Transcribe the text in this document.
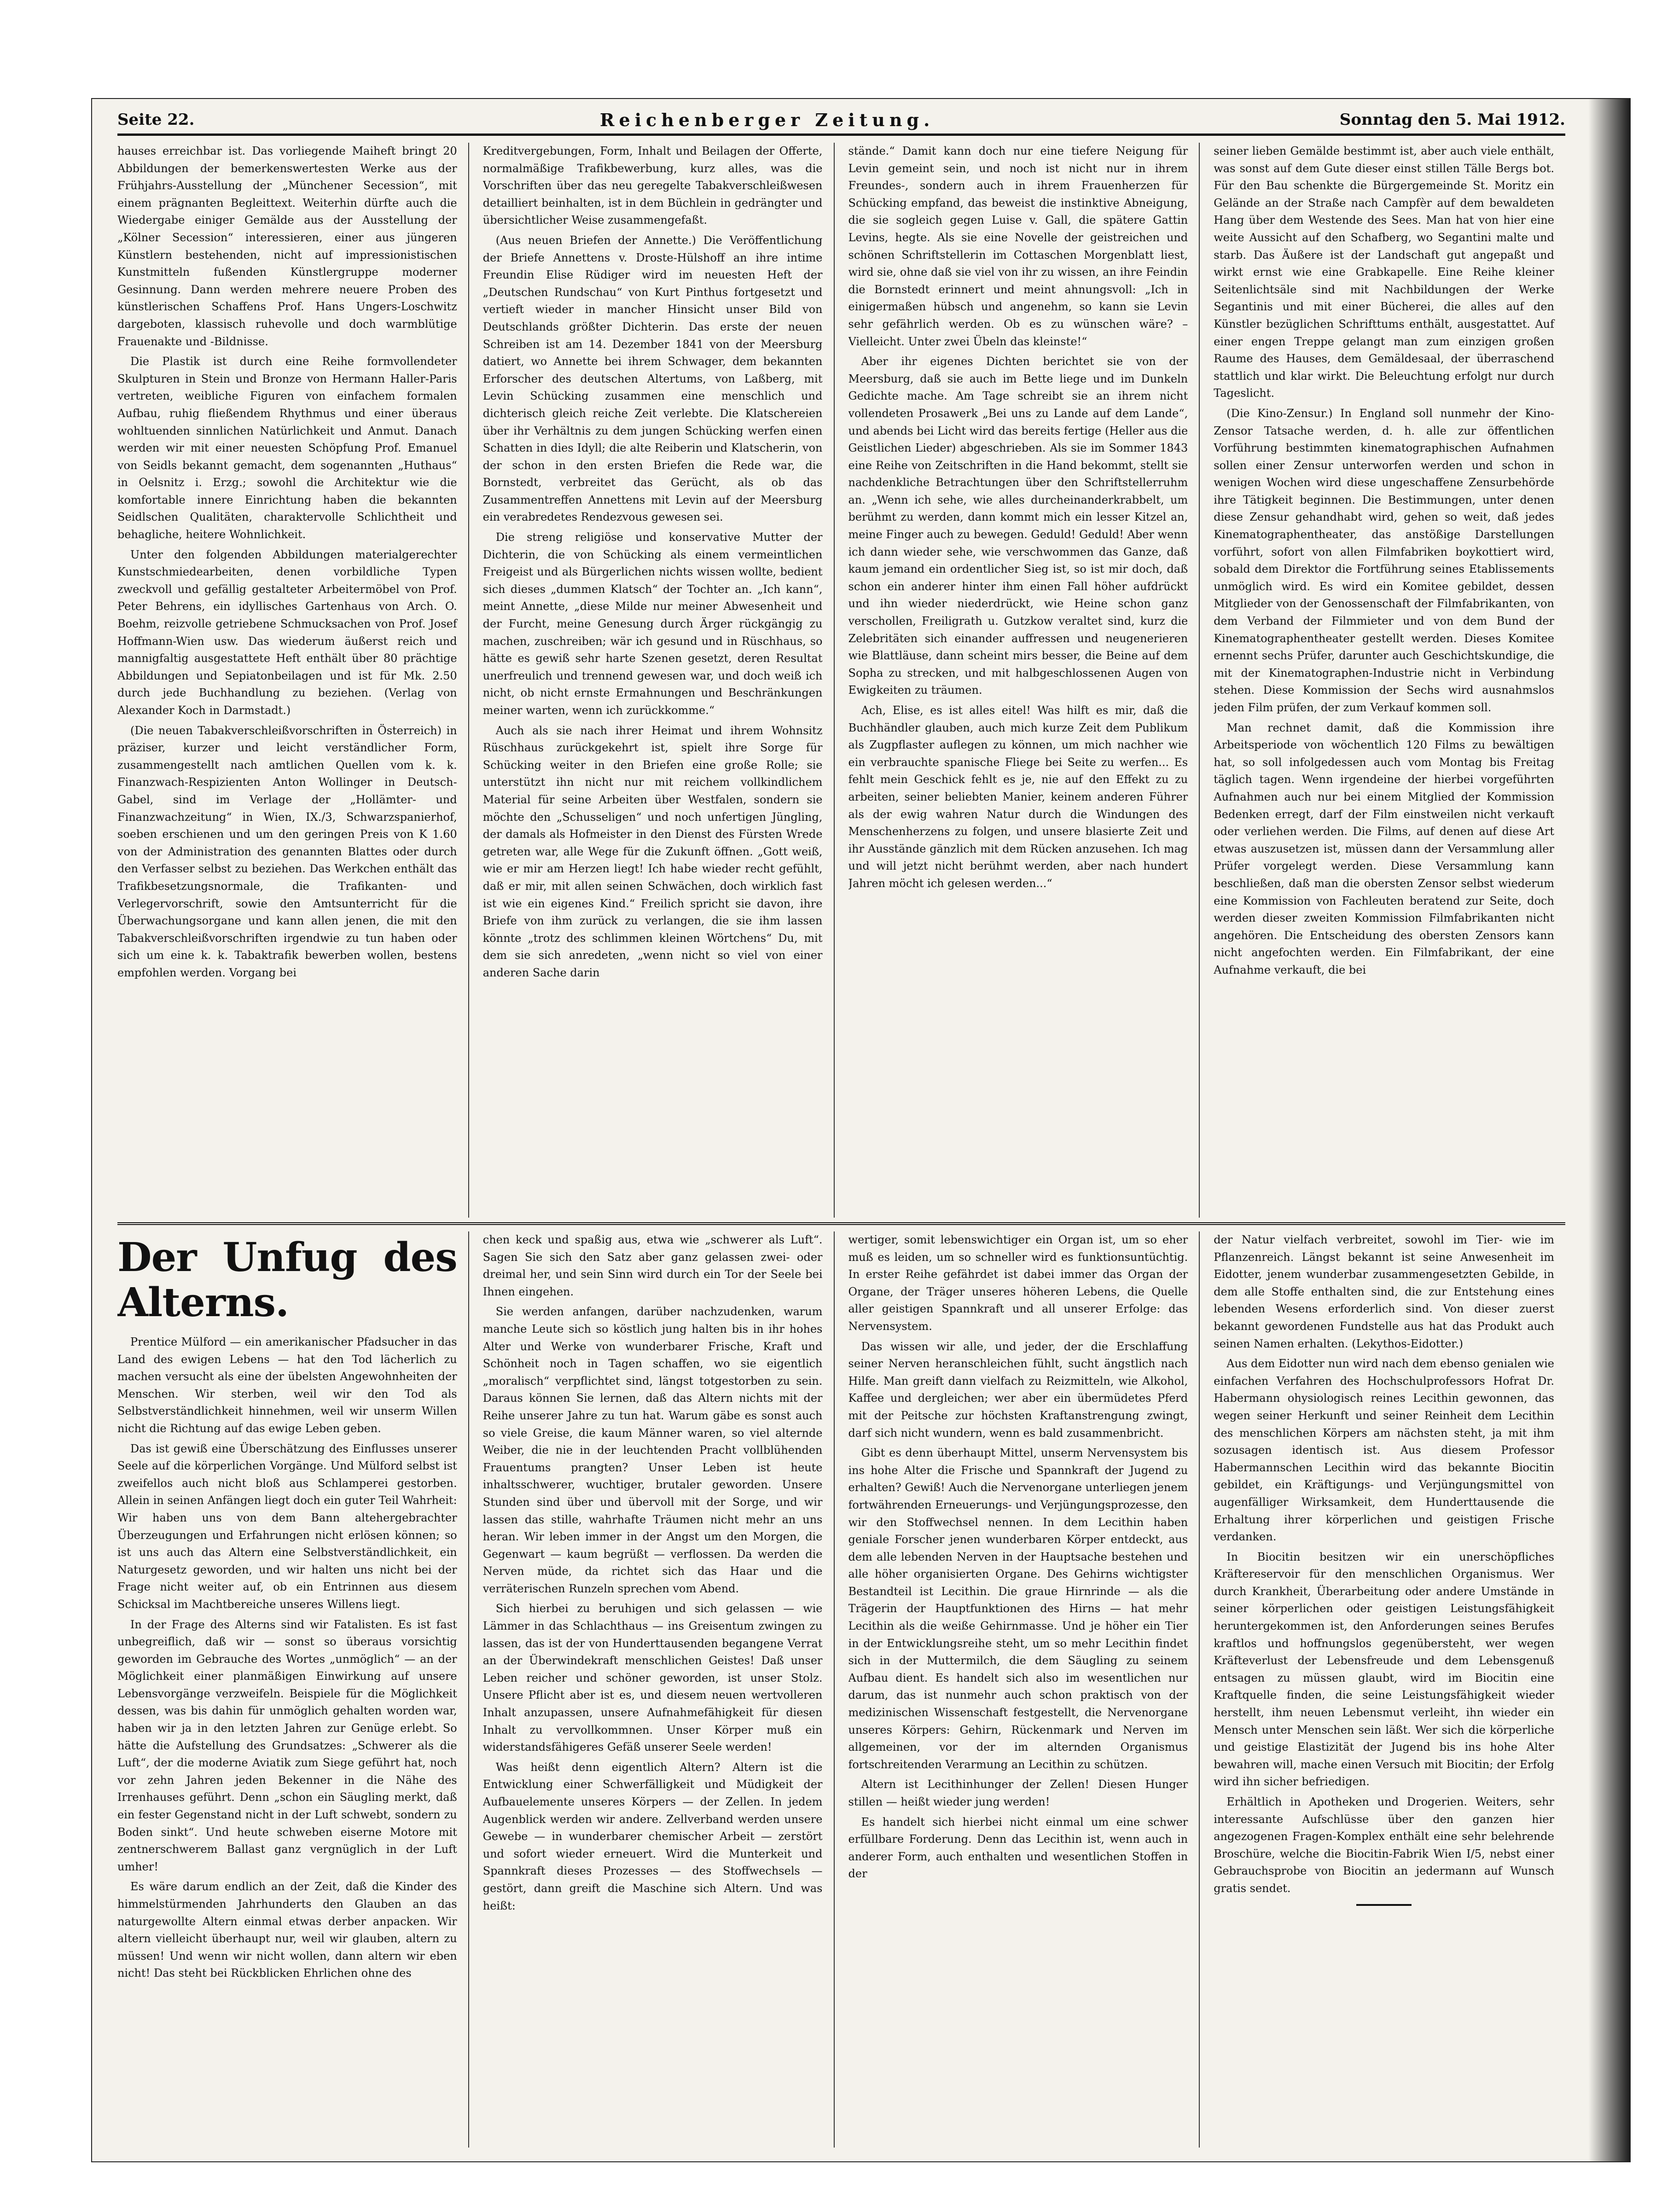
Seite 22.	Reichenberger Zeitung.	Sonntag den 5. Mai 1912.

hauses erreichbar ist. Das vorliegende Maiheft bringt 20 Abbildungen der bemerkenswertesten Werke aus der Frühjahrs-Ausstellung der „Münchener Secession“, mit einem prägnanten Begleittext. Weiterhin dürfte auch die Wiedergabe einiger Gemälde aus der Ausstellung der „Kölner Secession“ interessieren, einer aus jüngeren Künstlern bestehenden, nicht auf impressionistischen Kunstmitteln fußenden Künstlergruppe moderner Gesinnung. Dann werden mehrere neuere Proben des künstlerischen Schaffens Prof. Hans Ungers-Loschwitz dargeboten, klassisch ruhevolle und doch warmblütige Frauenakte und -Bildnisse.

Die Plastik ist durch eine Reihe formvollendeter Skulpturen in Stein und Bronze von Hermann Haller-Paris vertreten, weibliche Figuren von einfachem formalen Aufbau, ruhig fließendem Rhythmus und einer überaus wohltuenden sinnlichen Natürlichkeit und Anmut. Danach werden wir mit einer neuesten Schöpfung Prof. Emanuel von Seidls bekannt gemacht, dem sogenannten „Huthaus“ in Oelsnitz i. Erzg.; sowohl die Architektur wie die komfortable innere Einrichtung haben die bekannten Seidlschen Qualitäten, charaktervolle Schlichtheit und behagliche, heitere Wohnlichkeit.

Unter den folgenden Abbildungen materialgerechter Kunstschmiedearbeiten, denen vorbildliche Typen zweckvoll und gefällig gestalteter Arbeitermöbel von Prof. Peter Behrens, ein idyllisches Gartenhaus von Arch. O. Boehm, reizvolle getriebene Schmucksachen von Prof. Josef Hoffmann-Wien usw. Das wiederum äußerst reich und mannigfaltig ausgestattete Heft enthält über 80 prächtige Abbildungen und Sepiatonbeilagen und ist für Mk. 2.50 durch jede Buchhandlung zu beziehen. (Verlag von Alexander Koch in Darmstadt.)

(Die neuen Tabakverschleißvorschriften in Österreich) in präziser, kurzer und leicht verständlicher Form, zusammengestellt nach amtlichen Quellen vom k. k. Finanzwach-Respizienten Anton Wollinger in Deutsch-Gabel, sind im Verlage der „Hollämter- und Finanzwachzeitung“ in Wien, IX./3, Schwarzspanierhof, soeben erschienen und um den geringen Preis von K 1.60 von der Administration des genannten Blattes oder durch den Verfasser selbst zu beziehen. Das Werkchen enthält das Trafikbesetzungsnormale, die Trafikanten- und Verlegervorschrift, sowie den Amtsunterricht für die Überwachungsorgane und kann allen jenen, die mit den Tabakverschleißvorschriften irgendwie zu tun haben oder sich um eine k. k. Tabaktrafik bewerben wollen, bestens empfohlen werden. Vorgang bei

Kreditvergebungen, Form, Inhalt und Beilagen der Offerte, normalmäßige Trafikbewerbung, kurz alles, was die Vorschriften über das neu geregelte Tabakverschleißwesen detailliert beinhalten, ist in dem Büchlein in gedrängter und übersichtlicher Weise zusammengefaßt.

(Aus neuen Briefen der Annette.) Die Veröffentlichung der Briefe Annettens v. Droste-Hülshoff an ihre intime Freundin Elise Rüdiger wird im neuesten Heft der „Deutschen Rundschau“ von Kurt Pinthus fortgesetzt und vertieft wieder in mancher Hinsicht unser Bild von Deutschlands größter Dichterin. Das erste der neuen Schreiben ist am 14. Dezember 1841 von der Meersburg datiert, wo Annette bei ihrem Schwager, dem bekannten Erforscher des deutschen Altertums, von Laßberg, mit Levin Schücking zusammen eine menschlich und dichterisch gleich reiche Zeit verlebte. Die Klatschereien über ihr Verhältnis zu dem jungen Schücking werfen einen Schatten in dies Idyll; die alte Reiberin und Klatscherin, von der schon in den ersten Briefen die Rede war, die Bornstedt, verbreitet das Gerücht, als ob das Zusammentreffen Annettens mit Levin auf der Meersburg ein verabredetes Rendezvous gewesen sei.

Die streng religiöse und konservative Mutter der Dichterin, die von Schücking als einem vermeintlichen Freigeist und als Bürgerlichen nichts wissen wollte, bedient sich dieses „dummen Klatsch“ der Tochter an. „Ich kann“, meint Annette, „diese Milde nur meiner Abwesenheit und der Furcht, meine Genesung durch Ärger rückgängig zu machen, zuschreiben; wär ich gesund und in Rüschhaus, so hätte es gewiß sehr harte Szenen gesetzt, deren Resultat unerfreulich und trennend gewesen war, und doch weiß ich nicht, ob nicht ernste Ermahnungen und Beschränkungen meiner warten, wenn ich zurückkomme.“

Auch als sie nach ihrer Heimat und ihrem Wohnsitz Rüschhaus zurückgekehrt ist, spielt ihre Sorge für Schücking weiter in den Briefen eine große Rolle; sie unterstützt ihn nicht nur mit reichem vollkindlichem Material für seine Arbeiten über Westfalen, sondern sie möchte den „Schusseligen“ und noch unfertigen Jüngling, der damals als Hofmeister in den Dienst des Fürsten Wrede getreten war, alle Wege für die Zukunft öffnen. „Gott weiß, wie er mir am Herzen liegt! Ich habe wieder recht gefühlt, daß er mir, mit allen seinen Schwächen, doch wirklich fast ist wie ein eigenes Kind.“ Freilich spricht sie davon, ihre Briefe von ihm zurück zu verlangen, die sie ihm lassen könnte „trotz des schlimmen kleinen Wörtchens“ Du, mit dem sie sich anredeten, „wenn nicht so viel von einer anderen Sache darin

stände.“ Damit kann doch nur eine tiefere Neigung für Levin gemeint sein, und noch ist nicht nur in ihrem Freundes-, sondern auch in ihrem Frauenherzen für Schücking empfand, das beweist die instinktive Abneigung, die sie sogleich gegen Luise v. Gall, die spätere Gattin Levins, hegte. Als sie eine Novelle der geistreichen und schönen Schriftstellerin im Cottaschen Morgenblatt liest, wird sie, ohne daß sie viel von ihr zu wissen, an ihre Feindin die Bornstedt erinnert und meint ahnungsvoll: „Ich in einigermaßen hübsch und angenehm, so kann sie Levin sehr gefährlich werden. Ob es zu wünschen wäre? – Vielleicht. Unter zwei Übeln das kleinste!“

Aber ihr eigenes Dichten berichtet sie von der Meersburg, daß sie auch im Bette liege und im Dunkeln Gedichte mache. Am Tage schreibt sie an ihrem nicht vollendeten Prosawerk „Bei uns zu Lande auf dem Lande“, und abends bei Licht wird das bereits fertige (Heller aus die Geistlichen Lieder) abgeschrieben. Als sie im Sommer 1843 eine Reihe von Zeitschriften in die Hand bekommt, stellt sie nachdenkliche Betrachtungen über den Schriftstellerruhm an. „Wenn ich sehe, wie alles durcheinanderkrabbelt, um berühmt zu werden, dann kommt mich ein lesser Kitzel an, meine Finger auch zu bewegen. Geduld! Geduld! Aber wenn ich dann wieder sehe, wie verschwommen das Ganze, daß kaum jemand ein ordentlicher Sieg ist, so ist mir doch, daß schon ein anderer hinter ihm einen Fall höher aufdrückt und ihn wieder niederdrückt, wie Heine schon ganz verschollen, Freiligrath u. Gutzkow veraltet sind, kurz die Zelebritäten sich einander auffressen und neugenerieren wie Blattläuse, dann scheint mirs besser, die Beine auf dem Sopha zu strecken, und mit halbgeschlossenen Augen von Ewigkeiten zu träumen.

Ach, Elise, es ist alles eitel! Was hilft es mir, daß die Buchhändler glauben, auch mich kurze Zeit dem Publikum als Zugpflaster auflegen zu können, um mich nachher wie ein verbrauchte spanische Fliege bei Seite zu werfen... Es fehlt mein Geschick fehlt es je, nie auf den Effekt zu zu arbeiten, seiner beliebten Manier, keinem anderen Führer als der ewig wahren Natur durch die Windungen des Menschenherzens zu folgen, und unsere blasierte Zeit und ihr Ausstände gänzlich mit dem Rücken anzusehen. Ich mag und will jetzt nicht berühmt werden, aber nach hundert Jahren möcht ich gelesen werden...“

seiner lieben Gemälde bestimmt ist, aber auch viele enthält, was sonst auf dem Gute dieser einst stillen Tälle Bergs bot. Für den Bau schenkte die Bürgergemeinde St. Moritz ein Gelände an der Straße nach Campfèr auf dem bewaldeten Hang über dem Westende des Sees. Man hat von hier eine weite Aussicht auf den Schafberg, wo Segantini malte und starb. Das Äußere ist der Landschaft gut angepaßt und wirkt ernst wie eine Grabkapelle. Eine Reihe kleiner Seitenlichtsäle sind mit Nachbildungen der Werke Segantinis und mit einer Bücherei, die alles auf den Künstler bezüglichen Schrifttums enthält, ausgestattet. Auf einer engen Treppe gelangt man zum einzigen großen Raume des Hauses, dem Gemäldesaal, der überraschend stattlich und klar wirkt. Die Beleuchtung erfolgt nur durch Tageslicht.

(Die Kino-Zensur.) In England soll nunmehr der Kino-Zensor Tatsache werden, d. h. alle zur öffentlichen Vorführung bestimmten kinematographischen Aufnahmen sollen einer Zensur unterworfen werden und schon in wenigen Wochen wird diese ungeschaffene Zensurbehörde ihre Tätigkeit beginnen. Die Bestimmungen, unter denen diese Zensur gehandhabt wird, gehen so weit, daß jedes Kinematographentheater, das anstößige Darstellungen vorführt, sofort von allen Filmfabriken boykottiert wird, sobald dem Direktor die Fortführung seines Etablissements unmöglich wird. Es wird ein Komitee gebildet, dessen Mitglieder von der Genossenschaft der Filmfabrikanten, von dem Verband der Filmmieter und von dem Bund der Kinematographentheater gestellt werden. Dieses Komitee ernennt sechs Prüfer, darunter auch Geschichtskundige, die mit der Kinematographen-Industrie nicht in Verbindung stehen. Diese Kommission der Sechs wird ausnahmslos jeden Film prüfen, der zum Verkauf kommen soll.

Man rechnet damit, daß die Kommission ihre Arbeitsperiode von wöchentlich 120 Films zu bewältigen hat, so soll infolgedessen auch vom Montag bis Freitag täglich tagen. Wenn irgendeine der hierbei vorgeführten Aufnahmen auch nur bei einem Mitglied der Kommission Bedenken erregt, darf der Film einstweilen nicht verkauft oder verliehen werden. Die Films, auf denen auf diese Art etwas auszusetzen ist, müssen dann der Versammlung aller Prüfer vorgelegt werden. Diese Versammlung kann beschließen, daß man die obersten Zensor selbst wiederum eine Kommission von Fachleuten beratend zur Seite, doch werden dieser zweiten Kommission Filmfabrikanten nicht angehören. Die Entscheidung des obersten Zensors kann nicht angefochten werden. Ein Filmfabrikant, der eine Aufnahme verkauft, die bei

Der Unfug des Alterns.

Prentice Mülford — ein amerikanischer Pfadsucher in das Land des ewigen Lebens — hat den Tod lächerlich zu machen versucht als eine der übelsten Angewohnheiten der Menschen. Wir sterben, weil wir den Tod als Selbstverständlichkeit hinnehmen, weil wir unserm Willen nicht die Richtung auf das ewige Leben geben.

Das ist gewiß eine Überschätzung des Einflusses unserer Seele auf die körperlichen Vorgänge. Und Mülford selbst ist zweifellos auch nicht bloß aus Schlamperei gestorben. Allein in seinen Anfängen liegt doch ein guter Teil Wahrheit: Wir haben uns von dem Bann altehergebrachter Überzeugungen und Erfahrungen nicht erlösen können; so ist uns auch das Altern eine Selbstverständlichkeit, ein Naturgesetz geworden, und wir halten uns nicht bei der Frage nicht weiter auf, ob ein Entrinnen aus diesem Schicksal im Machtbereiche unseres Willens liegt.

In der Frage des Alterns sind wir Fatalisten. Es ist fast unbegreiflich, daß wir — sonst so überaus vorsichtig geworden im Gebrauche des Wortes „unmöglich“ — an der Möglichkeit einer planmäßigen Einwirkung auf unsere Lebensvorgänge verzweifeln. Beispiele für die Möglichkeit dessen, was bis dahin für unmöglich gehalten worden war, haben wir ja in den letzten Jahren zur Genüge erlebt. So hätte die Aufstellung des Grundsatzes: „Schwerer als die Luft“, der die moderne Aviatik zum Siege geführt hat, noch vor zehn Jahren jeden Bekenner in die Nähe des Irrenhauses geführt. Denn „schon ein Säugling merkt, daß ein fester Gegenstand nicht in der Luft schwebt, sondern zu Boden sinkt“. Und heute schweben eiserne Motore mit zentnerschwerem Ballast ganz vergnüglich in der Luft umher!

Es wäre darum endlich an der Zeit, daß die Kinder des himmelstürmenden Jahrhunderts den Glauben an das naturgewollte Altern einmal etwas derber anpacken. Wir altern vielleicht überhaupt nur, weil wir glauben, altern zu müssen! Und wenn wir nicht wollen, dann altern wir eben nicht! Das steht bei Rückblicken Ehrlichen ohne des

chen keck und spaßig aus, etwa wie „schwerer als Luft“. Sagen Sie sich den Satz aber ganz gelassen zwei- oder dreimal her, und sein Sinn wird durch ein Tor der Seele bei Ihnen eingehen.

Sie werden anfangen, darüber nachzudenken, warum manche Leute sich so köstlich jung halten bis in ihr hohes Alter und Werke von wunderbarer Frische, Kraft und Schönheit noch in Tagen schaffen, wo sie eigentlich „moralisch“ verpflichtet sind, längst totgestorben zu sein. Daraus können Sie lernen, daß das Altern nichts mit der Reihe unserer Jahre zu tun hat. Warum gäbe es sonst auch so viele Greise, die kaum Männer waren, so viel alternde Weiber, die nie in der leuchtenden Pracht vollblühenden Frauentums prangten? Unser Leben ist heute inhaltsschwerer, wuchtiger, brutaler geworden. Unsere Stunden sind über und übervoll mit der Sorge, und wir lassen das stille, wahrhafte Träumen nicht mehr an uns heran. Wir leben immer in der Angst um den Morgen, die Gegenwart — kaum begrüßt — verflossen. Da werden die Nerven müde, da richtet sich das Haar und die verräterischen Runzeln sprechen vom Abend.

Sich hierbei zu beruhigen und sich gelassen — wie Lämmer in das Schlachthaus — ins Greisentum zwingen zu lassen, das ist der von Hunderttausenden begangene Verrat an der Überwindekraft menschlichen Geistes! Daß unser Leben reicher und schöner geworden, ist unser Stolz. Unsere Pflicht aber ist es, und diesem neuen wertvolleren Inhalt anzupassen, unsere Aufnahmefähigkeit für diesen Inhalt zu vervollkommnen. Unser Körper muß ein widerstandsfähigeres Gefäß unserer Seele werden!

Was heißt denn eigentlich Altern? Altern ist die Entwicklung einer Schwerfälligkeit und Müdigkeit der Aufbauelemente unseres Körpers — der Zellen. In jedem Augenblick werden wir andere. Zellverband werden unsere Gewebe — in wunderbarer chemischer Arbeit — zerstört und sofort wieder erneuert. Wird die Munterkeit und Spannkraft dieses Prozesses — des Stoffwechsels — gestört, dann greift die Maschine sich Altern. Und was heißt:

wertiger, somit lebenswichtiger ein Organ ist, um so eher muß es leiden, um so schneller wird es funktionsuntüchtig. In erster Reihe gefährdet ist dabei immer das Organ der Organe, der Träger unseres höheren Lebens, die Quelle aller geistigen Spannkraft und all unserer Erfolge: das Nervensystem.

Das wissen wir alle, und jeder, der die Erschlaffung seiner Nerven heranschleichen fühlt, sucht ängstlich nach Hilfe. Man greift dann vielfach zu Reizmitteln, wie Alkohol, Kaffee und dergleichen; wer aber ein übermüdetes Pferd mit der Peitsche zur höchsten Kraftanstrengung zwingt, darf sich nicht wundern, wenn es bald zusammenbricht.

Gibt es denn überhaupt Mittel, unserm Nervensystem bis ins hohe Alter die Frische und Spannkraft der Jugend zu erhalten? Gewiß! Auch die Nervenorgane unterliegen jenem fortwährenden Erneuerungs- und Verjüngungsprozesse, den wir den Stoffwechsel nennen. In dem Lecithin haben geniale Forscher jenen wunderbaren Körper entdeckt, aus dem alle lebenden Nerven in der Hauptsache bestehen und alle höher organisierten Organe. Des Gehirns wichtigster Bestandteil ist Lecithin. Die graue Hirnrinde — als die Trägerin der Hauptfunktionen des Hirns — hat mehr Lecithin als die weiße Gehirnmasse. Und je höher ein Tier in der Entwicklungsreihe steht, um so mehr Lecithin findet sich in der Muttermilch, die dem Säugling zu seinem Aufbau dient. Es handelt sich also im wesentlichen nur darum, das ist nunmehr auch schon praktisch von der medizinischen Wissenschaft festgestellt, die Nervenorgane unseres Körpers: Gehirn, Rückenmark und Nerven im allgemeinen, vor der im alternden Organismus fortschreitenden Verarmung an Lecithin zu schützen.

Altern ist Lecithinhunger der Zellen! Diesen Hunger stillen — heißt wieder jung werden!

Es handelt sich hierbei nicht einmal um eine schwer erfüllbare Forderung. Denn das Lecithin ist, wenn auch in anderer Form, auch enthalten und wesentlichen Stoffen in der

der Natur vielfach verbreitet, sowohl im Tier- wie im Pflanzenreich. Längst bekannt ist seine Anwesenheit im Eidotter, jenem wunderbar zusammengesetzten Gebilde, in dem alle Stoffe enthalten sind, die zur Entstehung eines lebenden Wesens erforderlich sind. Von dieser zuerst bekannt gewordenen Fundstelle aus hat das Produkt auch seinen Namen erhalten. (Lekythos-Eidotter.)

Aus dem Eidotter nun wird nach dem ebenso genialen wie einfachen Verfahren des Hochschulprofessors Hofrat Dr. Habermann ohysiologisch reines Lecithin gewonnen, das wegen seiner Herkunft und seiner Reinheit dem Lecithin des menschlichen Körpers am nächsten steht, ja mit ihm sozusagen identisch ist. Aus diesem Professor Habermannschen Lecithin wird das bekannte Biocitin gebildet, ein Kräftigungs- und Verjüngungsmittel von augenfälliger Wirksamkeit, dem Hunderttausende die Erhaltung ihrer körperlichen und geistigen Frische verdanken.

In Biocitin besitzen wir ein unerschöpfliches Kräftereservoir für den menschlichen Organismus. Wer durch Krankheit, Überarbeitung oder andere Umstände in seiner körperlichen oder geistigen Leistungsfähigkeit heruntergekommen ist, den Anforderungen seines Berufes kraftlos und hoffnungslos gegenübersteht, wer wegen Kräfteverlust der Lebensfreude und dem Lebensgenuß entsagen zu müssen glaubt, wird im Biocitin eine Kraftquelle finden, die seine Leistungsfähigkeit wieder herstellt, ihm neuen Lebensmut verleiht, ihn wieder ein Mensch unter Menschen sein läßt. Wer sich die körperliche und geistige Elastizität der Jugend bis ins hohe Alter bewahren will, mache einen Versuch mit Biocitin; der Erfolg wird ihn sicher befriedigen.

Erhältlich in Apotheken und Drogerien. Weiters, sehr interessante Aufschlüsse über den ganzen hier angezogenen Fragen-Komplex enthält eine sehr belehrende Broschüre, welche die Biocitin-Fabrik Wien I/5, nebst einer Gebrauchsprobe von Biocitin an jedermann auf Wunsch gratis sendet.
